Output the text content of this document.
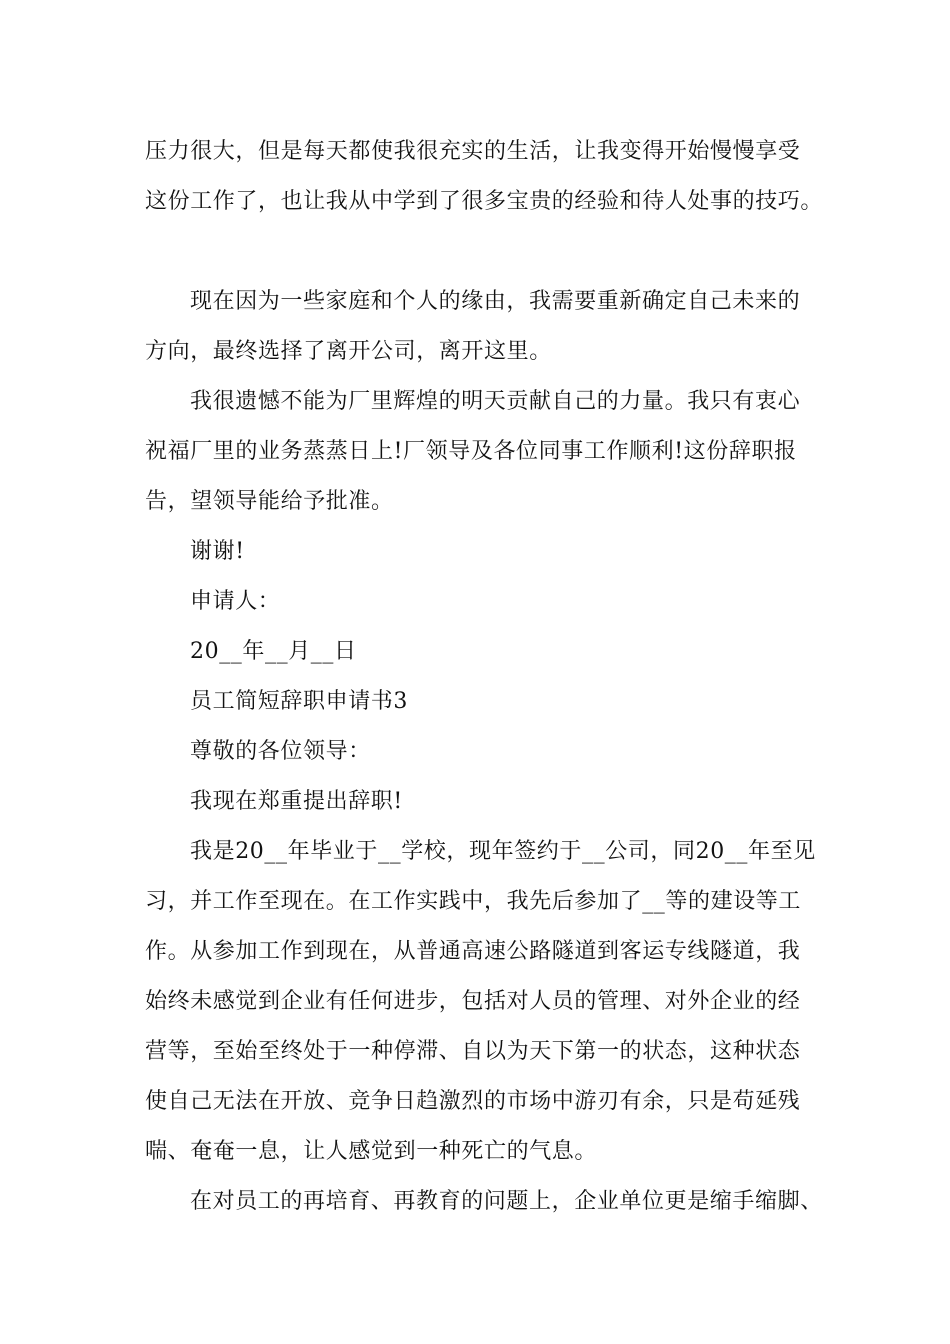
压力很大，但是每天都使我很充实的生活，让我变得开始慢慢享受

这份工作了，也让我从中学到了很多宝贵的经验和待人处事的技巧。

现在因为一些家庭和个人的缘由，我需要重新确定自己未来的

方向，最终选择了离开公司，离开这里。

我很遗憾不能为厂里辉煌的明天贡献自己的力量。我只有衷心

祝福厂里的业务蒸蒸日上!厂领导及各位同事工作顺利!这份辞职报

告，望领导能给予批准。

谢谢!

申请人：

20__年__月__日

员工简短辞职申请书3

尊敬的各位领导：

我现在郑重提出辞职!

我是20__年毕业于__学校，现年签约于__公司，同20__年至见

习，并工作至现在。在工作实践中，我先后参加了__等的建设等工

作。从参加工作到现在，从普通高速公路隧道到客运专线隧道，我

始终未感觉到企业有任何进步，包括对人员的管理、对外企业的经

营等，至始至终处于一种停滞、自以为天下第一的状态，这种状态

使自己无法在开放、竞争日趋激烈的市场中游刃有余，只是苟延残

喘、奄奄一息，让人感觉到一种死亡的气息。

在对员工的再培育、再教育的问题上，企业单位更是缩手缩脚、
